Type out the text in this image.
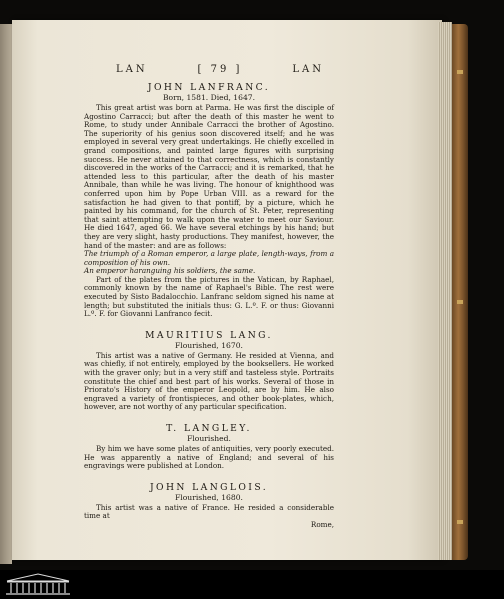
LAN	[ 79 ]	LAN
JOHN LANFRANC.
Born, 1581. Died, 1647.

This great artist was born at Parma. He was first the disciple of Agostino Carracci; but after the death of this master he went to Rome, to study under Annibale Carracci the brother of Agostino. The superiority of his genius soon discovered itself; and he was employed in several very great undertakings. He chiefly excelled in grand compositions, and painted large figures with surprising success. He never attained to that correctness, which is constantly discovered in the works of the Carracci; and it is remarked, that he attended less to this particular, after the death of his master Annibale, than while he was living. The honour of knighthood was conferred upon him by Pope Urban VIII. as a reward for the satisfaction he had given to that pontiff, by a picture, which he painted by his command, for the church of St. Peter, representing that saint attempting to walk upon the water to meet our Saviour. He died 1647, aged 66. We have several etchings by his hand; but they are very slight, hasty productions. They manifest, however, the hand of the master: and are as follows:

The triumph of a Roman emperor, a large plate, length-ways, from a composition of his own.

An emperor haranguing his soldiers, the same.

Part of the plates from the pictures in the Vatican, by Raphael, commonly known by the name of Raphael's Bible. The rest were executed by Sisto Badalocchio. Lanfranc seldom signed his name at length; but substituted the initials thus: G. L.º. F. or thus: Giovanni L.º. F. for Giovanni Lanfranco fecit.

MAURITIUS LANG.
Flourished, 1670.

This artist was a native of Germany. He resided at Vienna, and was chiefly, if not entirely, employed by the booksellers. He worked with the graver only; but in a very stiff and tasteless style. Portraits constitute the chief and best part of his works. Several of those in Priorato's History of the emperor Leopold, are by him. He also engraved a variety of frontispieces, and other book-plates, which, however, are not worthy of any particular specification.

T. LANGLEY.
Flourished.

By him we have some plates of antiquities, very poorly executed. He was apparently a native of England; and several of his engravings were published at London.

JOHN LANGLOIS.
Flourished, 1680.

This artist was a native of France. He resided a considerable time at

Rome,
